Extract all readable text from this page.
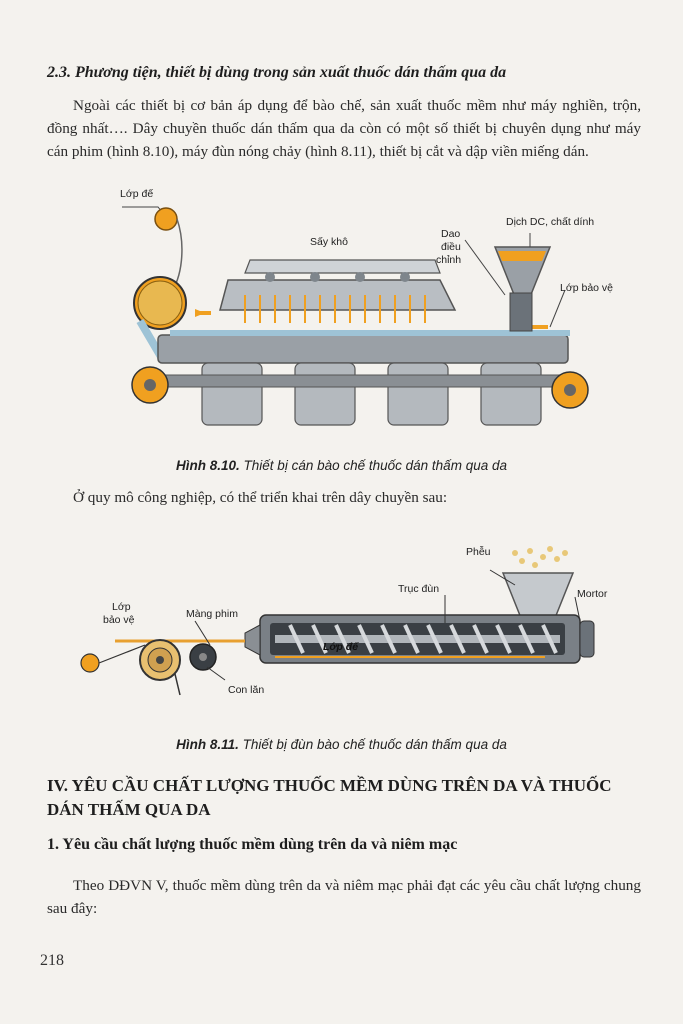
2.3. Phương tiện, thiết bị dùng trong sản xuất thuốc dán thấm qua da
Ngoài các thiết bị cơ bản áp dụng để bào chế, sản xuất thuốc mềm như máy nghiền, trộn, đồng nhất…. Dây chuyền thuốc dán thấm qua da còn có một số thiết bị chuyên dụng như máy cán phim (hình 8.10), máy đùn nóng chảy (hình 8.11), thiết bị cắt và dập viền miếng dán.
Lớp đế
Sấy khô
Dao
điều
chỉnh
Dịch DC, chất dính
Lớp bảo vệ
Hình 8.10. Thiết bị cán bào chế thuốc dán thấm qua da
Ở quy mô công nghiệp, có thể triển khai trên dây chuyền sau:
Phễu
Trục đùn	Mortor
Lớp
bảo vệ	Màng phim
Lớp đế
Con lăn
Hình 8.11. Thiết bị đùn bào chế thuốc dán thấm qua da
IV. YÊU CẦU CHẤT LƯỢNG THUỐC MỀM DÙNG TRÊN DA VÀ THUỐC DÁN THẤM QUA DA
1. Yêu cầu chất lượng thuốc mềm dùng trên da và niêm mạc
Theo DĐVN V, thuốc mềm dùng trên da và niêm mạc phải đạt các yêu cầu chất lượng chung sau đây:
218
